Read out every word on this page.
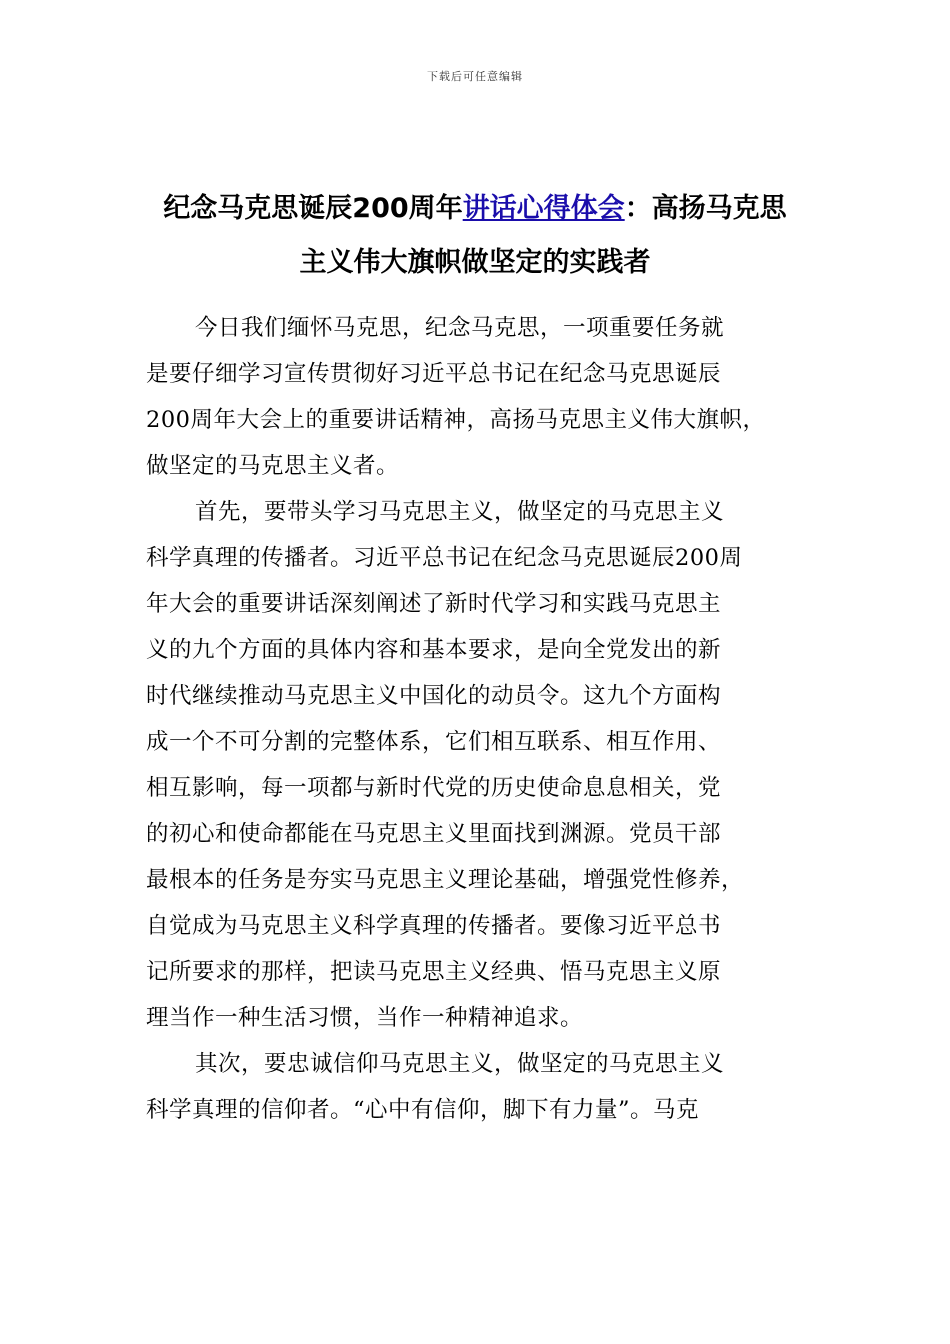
下载后可任意编辑
纪念马克思诞辰200周年讲话心得体会：高扬马克思
主义伟大旗帜做坚定的实践者
今日我们缅怀马克思，纪念马克思，一项重要任务就
是要仔细学习宣传贯彻好习近平总书记在纪念马克思诞辰
200周年大会上的重要讲话精神，高扬马克思主义伟大旗帜，
做坚定的马克思主义者。
首先，要带头学习马克思主义，做坚定的马克思主义
科学真理的传播者。习近平总书记在纪念马克思诞辰200周
年大会的重要讲话深刻阐述了新时代学习和实践马克思主
义的九个方面的具体内容和基本要求，是向全党发出的新
时代继续推动马克思主义中国化的动员令。这九个方面构
成一个不可分割的完整体系，它们相互联系、相互作用、
相互影响，每一项都与新时代党的历史使命息息相关，党
的初心和使命都能在马克思主义里面找到渊源。党员干部
最根本的任务是夯实马克思主义理论基础，增强党性修养，
自觉成为马克思主义科学真理的传播者。要像习近平总书
记所要求的那样，把读马克思主义经典、悟马克思主义原
理当作一种生活习惯，当作一种精神追求。
其次，要忠诚信仰马克思主义，做坚定的马克思主义
科学真理的信仰者。“心中有信仰，脚下有力量”。马克
